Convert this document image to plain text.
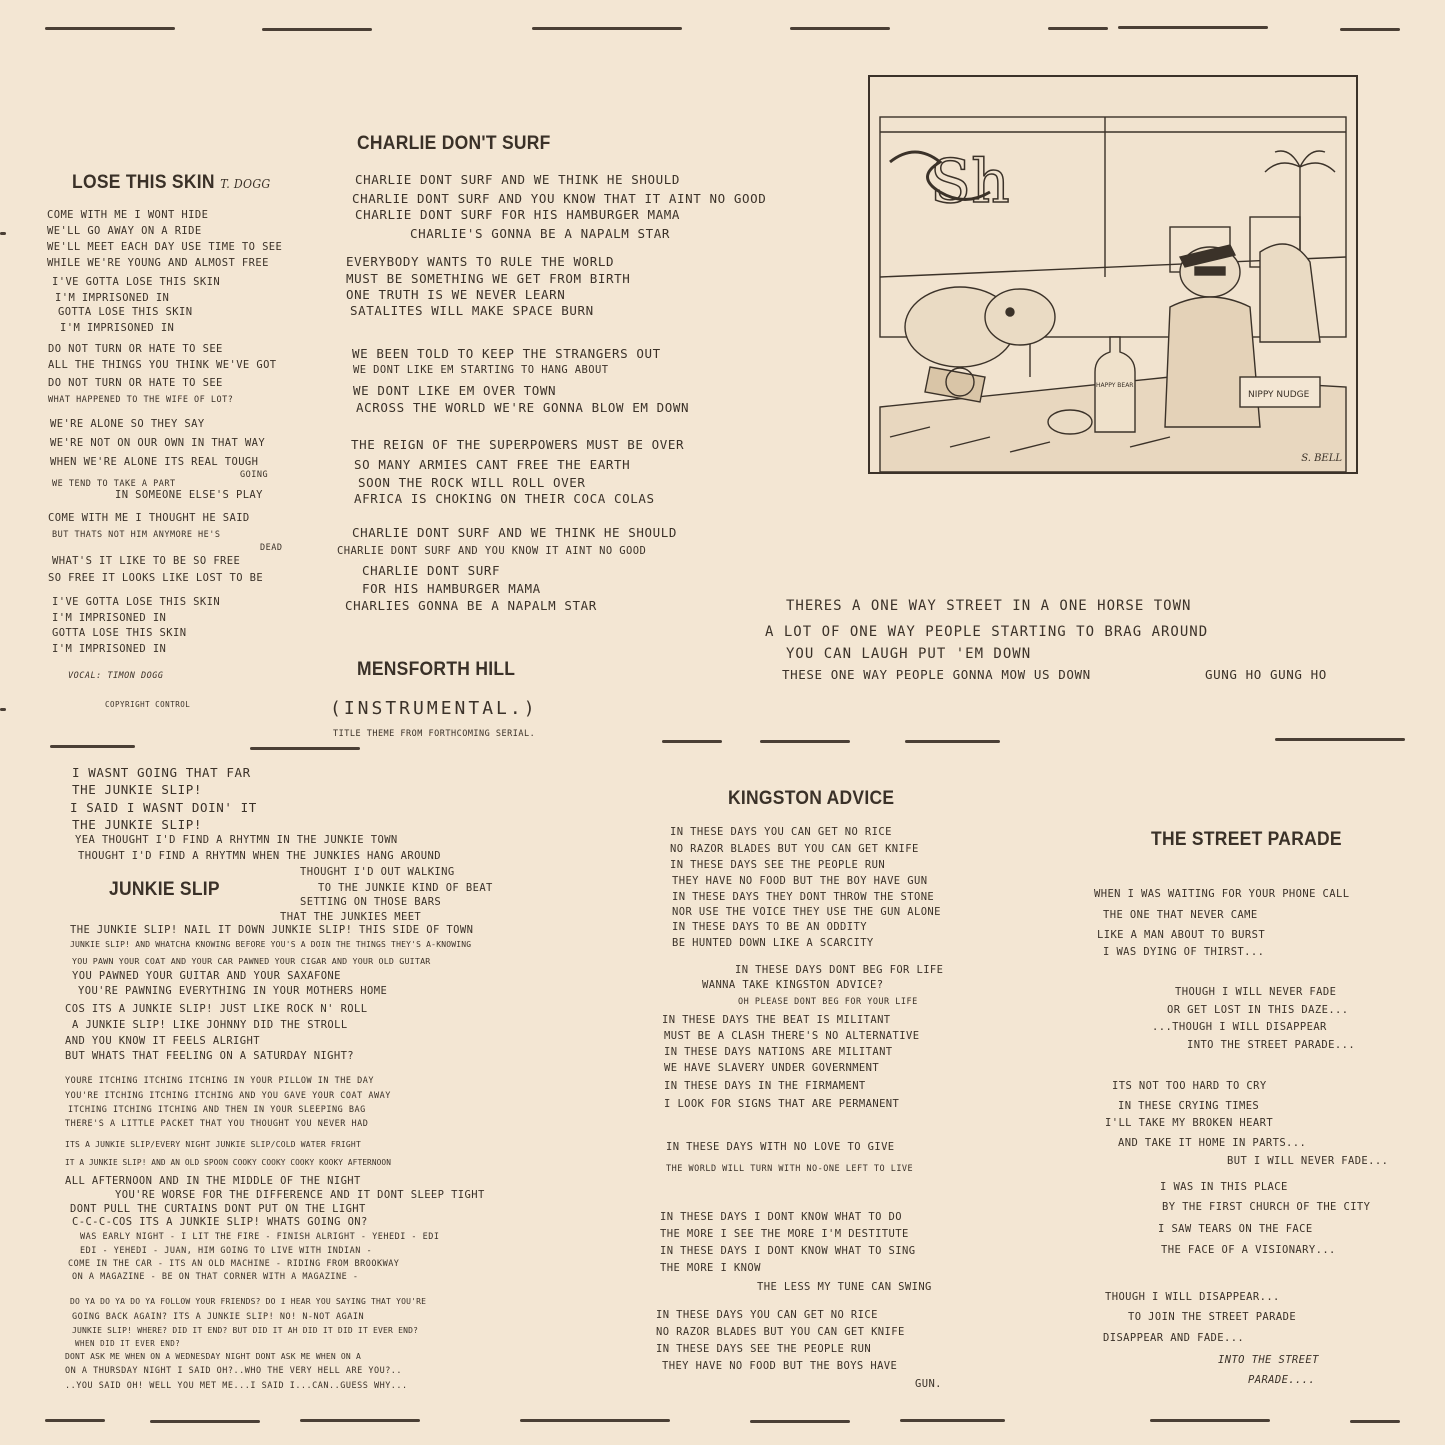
LOSE THIS SKIN T. DOGG
COME WITH ME I WONT HIDE
WE'LL GO AWAY ON A RIDE
WE'LL MEET EACH DAY USE TIME TO SEE
WHILE WE'RE YOUNG AND ALMOST FREE
I'VE GOTTA LOSE THIS SKIN
I'M IMPRISONED IN
GOTTA LOSE THIS SKIN
I'M IMPRISONED IN
DO NOT TURN OR HATE TO SEE
ALL THE THINGS YOU THINK WE'VE GOT
DO NOT TURN OR HATE TO SEE
WHAT HAPPENED TO THE WIFE OF LOT?
WE'RE ALONE SO THEY SAY
WE'RE NOT ON OUR OWN IN THAT WAY
WHEN WE'RE ALONE ITS REAL TOUGH
GOING
WE TEND TO TAKE A PART
IN SOMEONE ELSE'S PLAY
COME WITH ME I THOUGHT HE SAID
BUT THATS NOT HIM ANYMORE HE'S
DEAD
WHAT'S IT LIKE TO BE SO FREE
SO FREE IT LOOKS LIKE LOST TO BE
I'VE GOTTA LOSE THIS SKIN
I'M IMPRISONED IN
GOTTA LOSE THIS SKIN
I'M IMPRISONED IN
VOCAL: TIMON DOGG
COPYRIGHT CONTROL
CHARLIE DON'T SURF
CHARLIE DONT SURF AND WE THINK HE SHOULD
CHARLIE DONT SURF AND YOU KNOW THAT IT AINT NO GOOD
CHARLIE DONT SURF FOR HIS HAMBURGER MAMA
CHARLIE'S GONNA BE A NAPALM STAR
EVERYBODY WANTS TO RULE THE WORLD
MUST BE SOMETHING WE GET FROM BIRTH
ONE TRUTH IS WE NEVER LEARN
SATALITES WILL MAKE SPACE BURN
WE BEEN TOLD TO KEEP THE STRANGERS OUT
WE DONT LIKE EM STARTING TO HANG ABOUT
WE DONT LIKE EM OVER TOWN
ACROSS THE WORLD WE'RE GONNA BLOW EM DOWN
THE REIGN OF THE SUPERPOWERS MUST BE OVER
SO MANY ARMIES CANT FREE THE EARTH
SOON THE ROCK WILL ROLL OVER
AFRICA IS CHOKING ON THEIR COCA COLAS
CHARLIE DONT SURF AND WE THINK HE SHOULD
CHARLIE DONT SURF AND YOU KNOW IT AINT NO GOOD
CHARLIE DONT SURF
FOR HIS HAMBURGER MAMA
CHARLIES GONNA BE A NAPALM STAR
MENSFORTH HILL
(INSTRUMENTAL.)
TITLE THEME FROM FORTHCOMING SERIAL.
Sh
NIPPY NUDGE
HAPPY BEAR
S. BELL
THERES A ONE WAY STREET IN A ONE HORSE TOWN
A LOT OF ONE WAY PEOPLE STARTING TO BRAG AROUND
YOU CAN LAUGH PUT 'EM DOWN
THESE ONE WAY PEOPLE GONNA MOW US DOWN	GUNG HO GUNG HO
JUNKIE SLIP
I WASNT GOING THAT FAR
THE JUNKIE SLIP!
I SAID I WASNT DOIN' IT
THE JUNKIE SLIP!
YEA THOUGHT I'D FIND A RHYTMN IN THE JUNKIE TOWN
THOUGHT I'D FIND A RHYTMN WHEN THE JUNKIES HANG AROUND
THOUGHT I'D OUT WALKING
TO THE JUNKIE KIND OF BEAT
SETTING ON THOSE BARS
THAT THE JUNKIES MEET
THE JUNKIE SLIP! NAIL IT DOWN JUNKIE SLIP! THIS SIDE OF TOWN
JUNKIE SLIP! AND WHATCHA KNOWING BEFORE YOU'S A DOIN THE THINGS THEY'S A-KNOWING
YOU PAWN YOUR COAT AND YOUR CAR PAWNED YOUR CIGAR AND YOUR OLD GUITAR
YOU PAWNED YOUR GUITAR AND YOUR SAXAFONE
YOU'RE PAWNING EVERYTHING IN YOUR MOTHERS HOME
COS ITS A JUNKIE SLIP! JUST LIKE ROCK N' ROLL
A JUNKIE SLIP! LIKE JOHNNY DID THE STROLL
AND YOU KNOW IT FEELS ALRIGHT
BUT WHATS THAT FEELING ON A SATURDAY NIGHT?
YOURE ITCHING ITCHING ITCHING IN YOUR PILLOW IN THE DAY
YOU'RE ITCHING ITCHING ITCHING AND YOU GAVE YOUR COAT AWAY
ITCHING ITCHING ITCHING AND THEN IN YOUR SLEEPING BAG
THERE'S A LITTLE PACKET THAT YOU THOUGHT YOU NEVER HAD
ITS A JUNKIE SLIP/EVERY NIGHT JUNKIE SLIP/COLD WATER FRIGHT
IT A JUNKIE SLIP! AND AN OLD SPOON COOKY COOKY COOKY KOOKY AFTERNOON
ALL AFTERNOON AND IN THE MIDDLE OF THE NIGHT
YOU'RE WORSE FOR THE DIFFERENCE AND IT DONT SLEEP TIGHT
DONT PULL THE CURTAINS DONT PUT ON THE LIGHT
C-C-C-COS ITS A JUNKIE SLIP! WHATS GOING ON?
WAS EARLY NIGHT - I LIT THE FIRE - FINISH ALRIGHT - YEHEDI - EDI
EDI - YEHEDI - JUAN, HIM GOING TO LIVE WITH INDIAN -
COME IN THE CAR - ITS AN OLD MACHINE - RIDING FROM BROOKWAY
ON A MAGAZINE - BE ON THAT CORNER WITH A MAGAZINE -
DO YA DO YA DO YA FOLLOW YOUR FRIENDS? DO I HEAR YOU SAYING THAT YOU'RE
GOING BACK AGAIN? ITS A JUNKIE SLIP! NO! N-NOT AGAIN
JUNKIE SLIP! WHERE? DID IT END? BUT DID IT AH DID IT DID IT EVER END?
WHEN DID IT EVER END?
DONT ASK ME WHEN ON A WEDNESDAY NIGHT DONT ASK ME WHEN ON A
ON A THURSDAY NIGHT I SAID OH?..WHO THE VERY HELL ARE YOU?..
..YOU SAID OH! WELL YOU MET ME...I SAID I...CAN..GUESS WHY...
KINGSTON ADVICE
IN THESE DAYS YOU CAN GET NO RICE
NO RAZOR BLADES BUT YOU CAN GET KNIFE
IN THESE DAYS SEE THE PEOPLE RUN
THEY HAVE NO FOOD BUT THE BOY HAVE GUN
IN THESE DAYS THEY DONT THROW THE STONE
NOR USE THE VOICE THEY USE THE GUN ALONE
IN THESE DAYS TO BE AN ODDITY
BE HUNTED DOWN LIKE A SCARCITY
IN THESE DAYS DONT BEG FOR LIFE
WANNA TAKE KINGSTON ADVICE?
OH PLEASE DONT BEG FOR YOUR LIFE
IN THESE DAYS THE BEAT IS MILITANT
MUST BE A CLASH THERE'S NO ALTERNATIVE
IN THESE DAYS NATIONS ARE MILITANT
WE HAVE SLAVERY UNDER GOVERNMENT
IN THESE DAYS IN THE FIRMAMENT
I LOOK FOR SIGNS THAT ARE PERMANENT
IN THESE DAYS WITH NO LOVE TO GIVE
THE WORLD WILL TURN WITH NO-ONE LEFT TO LIVE
IN THESE DAYS I DONT KNOW WHAT TO DO
THE MORE I SEE THE MORE I'M DESTITUTE
IN THESE DAYS I DONT KNOW WHAT TO SING
THE MORE I KNOW
THE LESS MY TUNE CAN SWING
IN THESE DAYS YOU CAN GET NO RICE
NO RAZOR BLADES BUT YOU CAN GET KNIFE
IN THESE DAYS SEE THE PEOPLE RUN
THEY HAVE NO FOOD BUT THE BOYS HAVE
GUN.
THE STREET PARADE
WHEN I WAS WAITING FOR YOUR PHONE CALL
THE ONE THAT NEVER CAME
LIKE A MAN ABOUT TO BURST
I WAS DYING OF THIRST...
THOUGH I WILL NEVER FADE
OR GET LOST IN THIS DAZE...
...THOUGH I WILL DISAPPEAR
INTO THE STREET PARADE...
ITS NOT TOO HARD TO CRY
IN THESE CRYING TIMES
I'LL TAKE MY BROKEN HEART
AND TAKE IT HOME IN PARTS...
BUT I WILL NEVER FADE...
I WAS IN THIS PLACE
BY THE FIRST CHURCH OF THE CITY
I SAW TEARS ON THE FACE
THE FACE OF A VISIONARY...
THOUGH I WILL DISAPPEAR...
TO JOIN THE STREET PARADE
DISAPPEAR AND FADE...
INTO THE STREET
PARADE....
